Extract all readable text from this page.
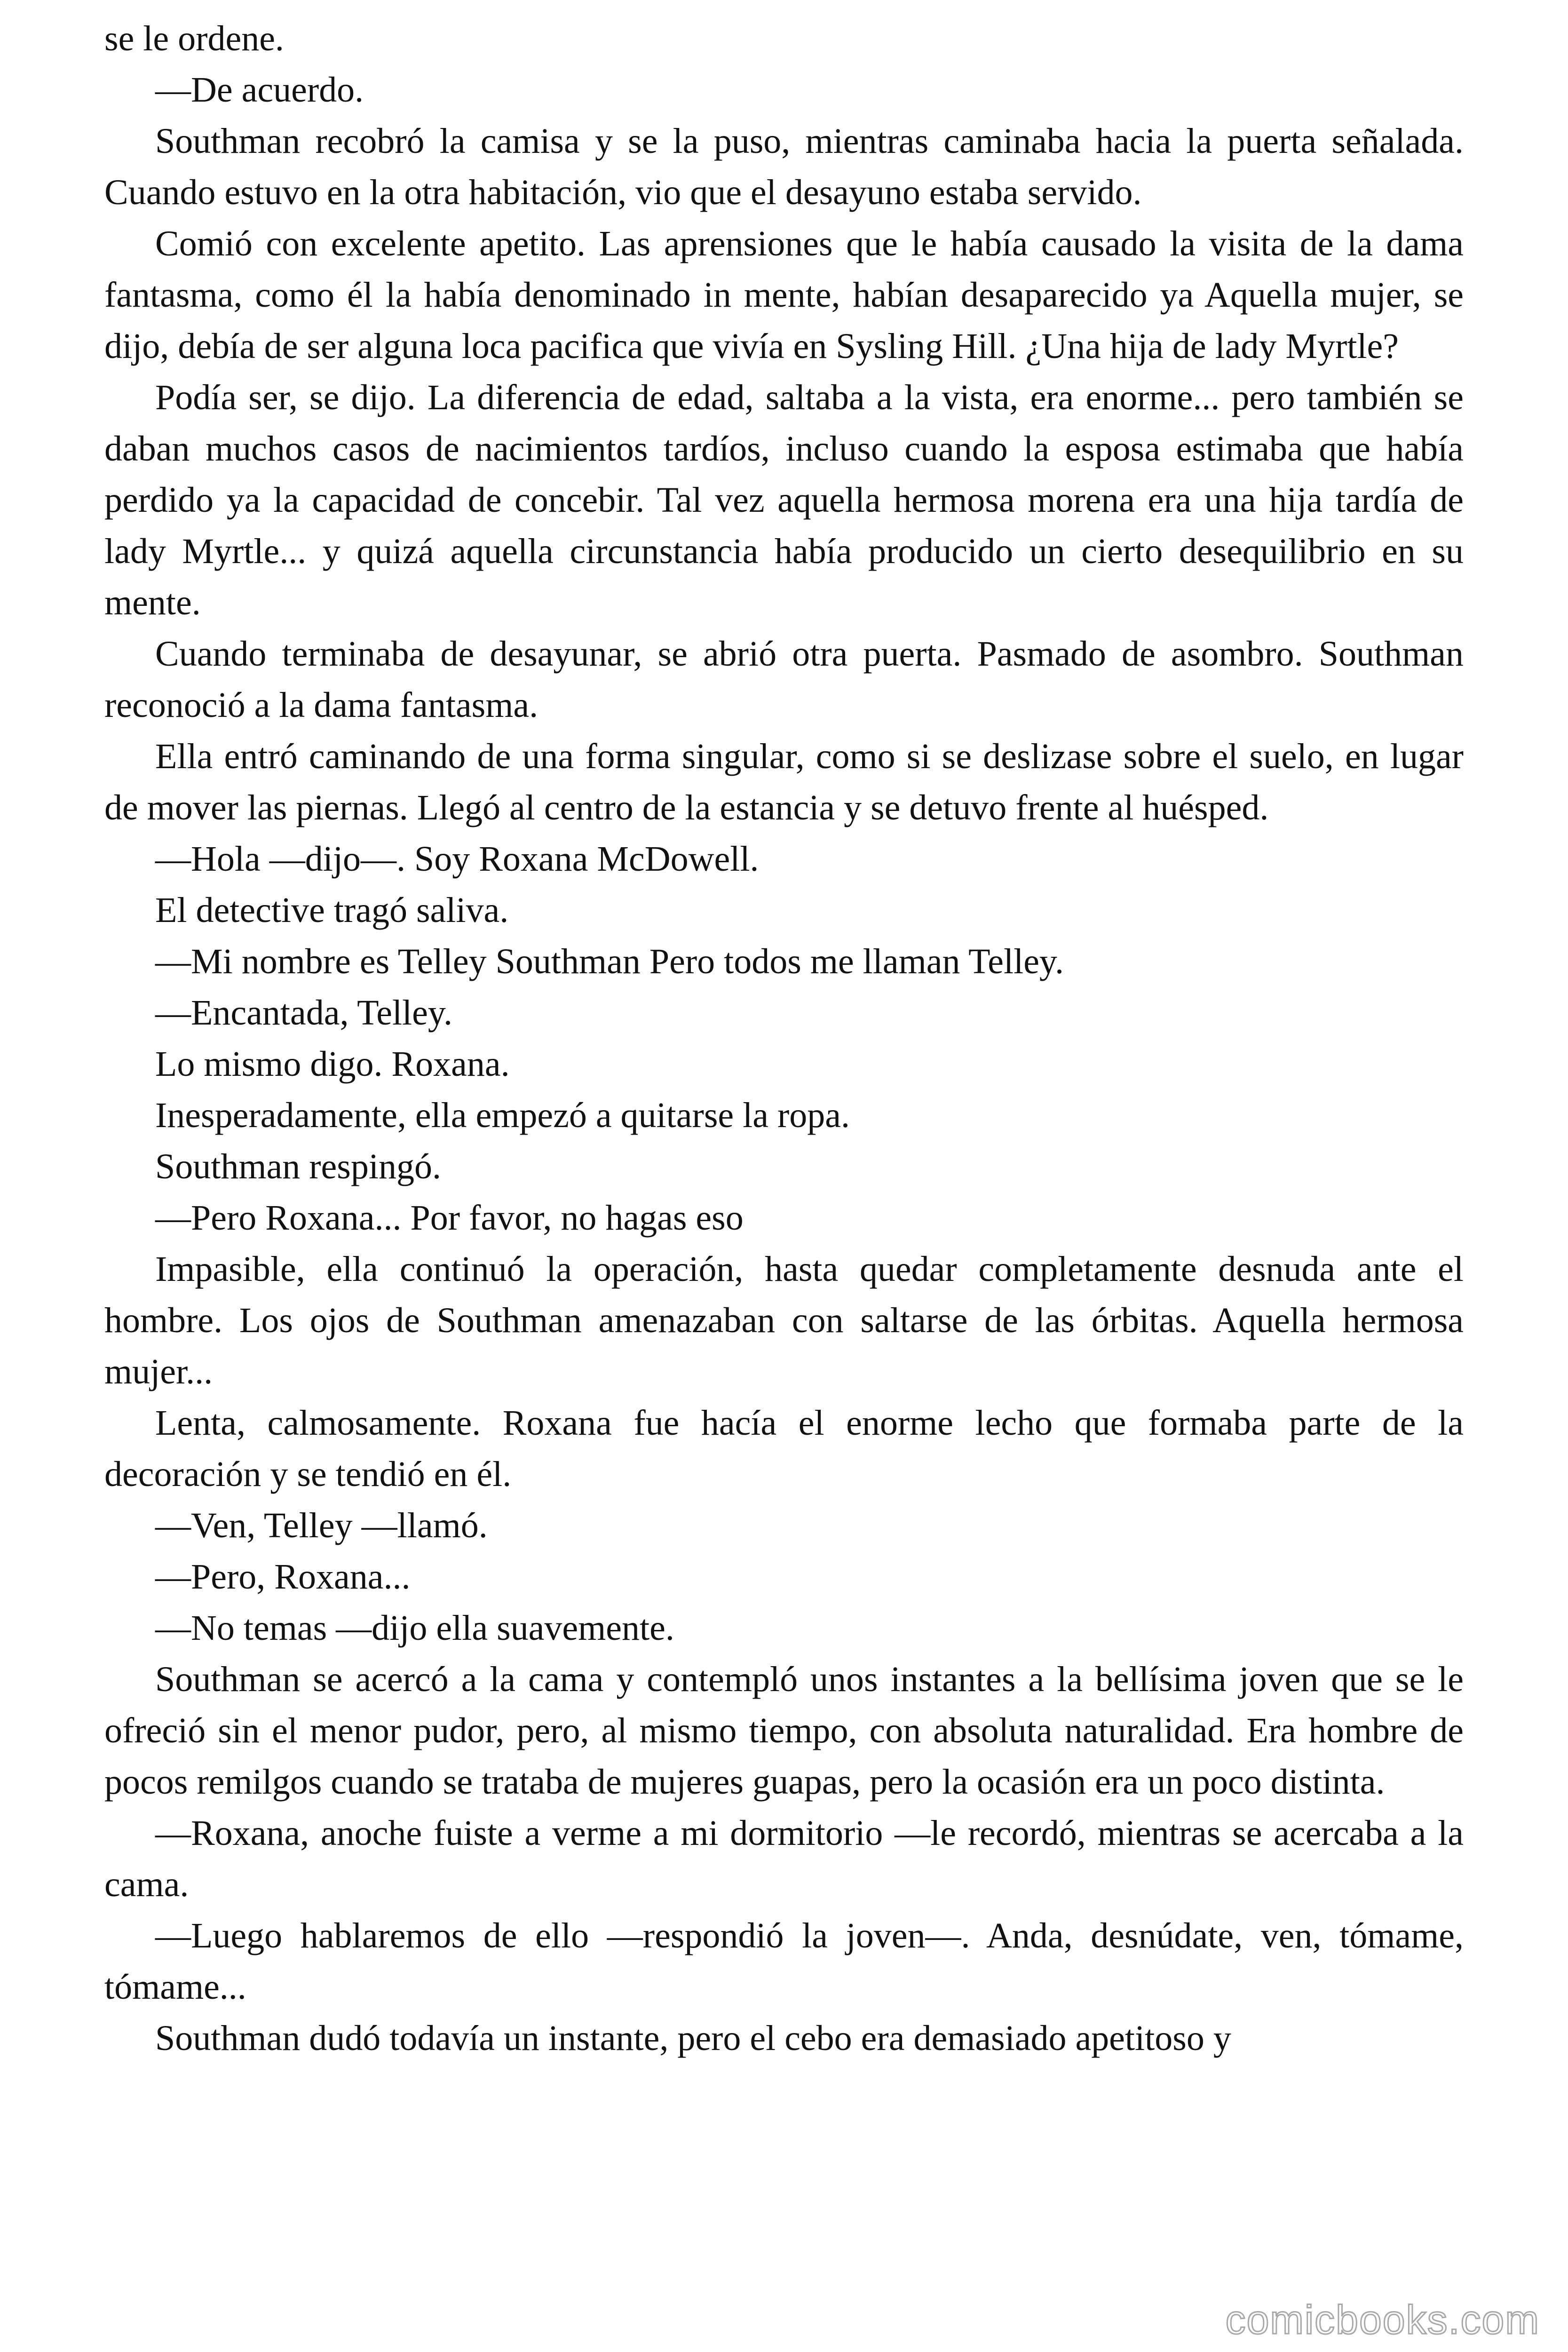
se le ordene.

—De acuerdo.

Southman recobró la camisa y se la puso, mientras caminaba hacia la puerta señalada. Cuando estuvo en la otra habitación, vio que el desayuno estaba servido.

Comió con excelente apetito. Las aprensiones que le había causado la visita de la dama fantasma, como él la había denominado in mente, habían desaparecido ya Aquella mujer, se dijo, debía de ser alguna loca pacifica que vivía en Sysling Hill. ¿Una hija de lady Myrtle?

Podía ser, se dijo. La diferencia de edad, saltaba a la vista, era enorme... pero también se daban muchos casos de nacimientos tardíos, incluso cuando la esposa estimaba que había perdido ya la capacidad de concebir. Tal vez aquella hermosa morena era una hija tardía de lady Myrtle... y quizá aquella circunstancia había producido un cierto desequilibrio en su mente.

Cuando terminaba de desayunar, se abrió otra puerta. Pasmado de asombro. Southman reconoció a la dama fantasma.

Ella entró caminando de una forma singular, como si se deslizase sobre el suelo, en lugar de mover las piernas. Llegó al centro de la estancia y se detuvo frente al huésped.

—Hola —dijo—. Soy Roxana McDowell.

El detective tragó saliva.

—Mi nombre es Telley Southman Pero todos me llaman Telley.

—Encantada, Telley.

Lo mismo digo. Roxana.

Inesperadamente, ella empezó a quitarse la ropa.

Southman respingó.

—Pero Roxana... Por favor, no hagas eso

Impasible, ella continuó la operación, hasta quedar completamente desnuda ante el hombre. Los ojos de Southman amenazaban con saltarse de las órbitas. Aquella hermosa mujer...

Lenta, calmosamente. Roxana fue hacía el enorme lecho que formaba parte de la decoración y se tendió en él.

—Ven, Telley —llamó.

—Pero, Roxana...

—No temas —dijo ella suavemente.

Southman se acercó a la cama y contempló unos instantes a la bellísima joven que se le ofreció sin el menor pudor, pero, al mismo tiempo, con absoluta naturalidad. Era hombre de pocos remilgos cuando se trataba de mujeres guapas, pero la ocasión era un poco distinta.

—Roxana, anoche fuiste a verme a mi dormitorio —le recordó, mientras se acercaba a la cama.

—Luego hablaremos de ello —respondió la joven—. Anda, desnúdate, ven, tómame, tómame...

Southman dudó todavía un instante, pero el cebo era demasiado apetitoso y

comicbooks.com
